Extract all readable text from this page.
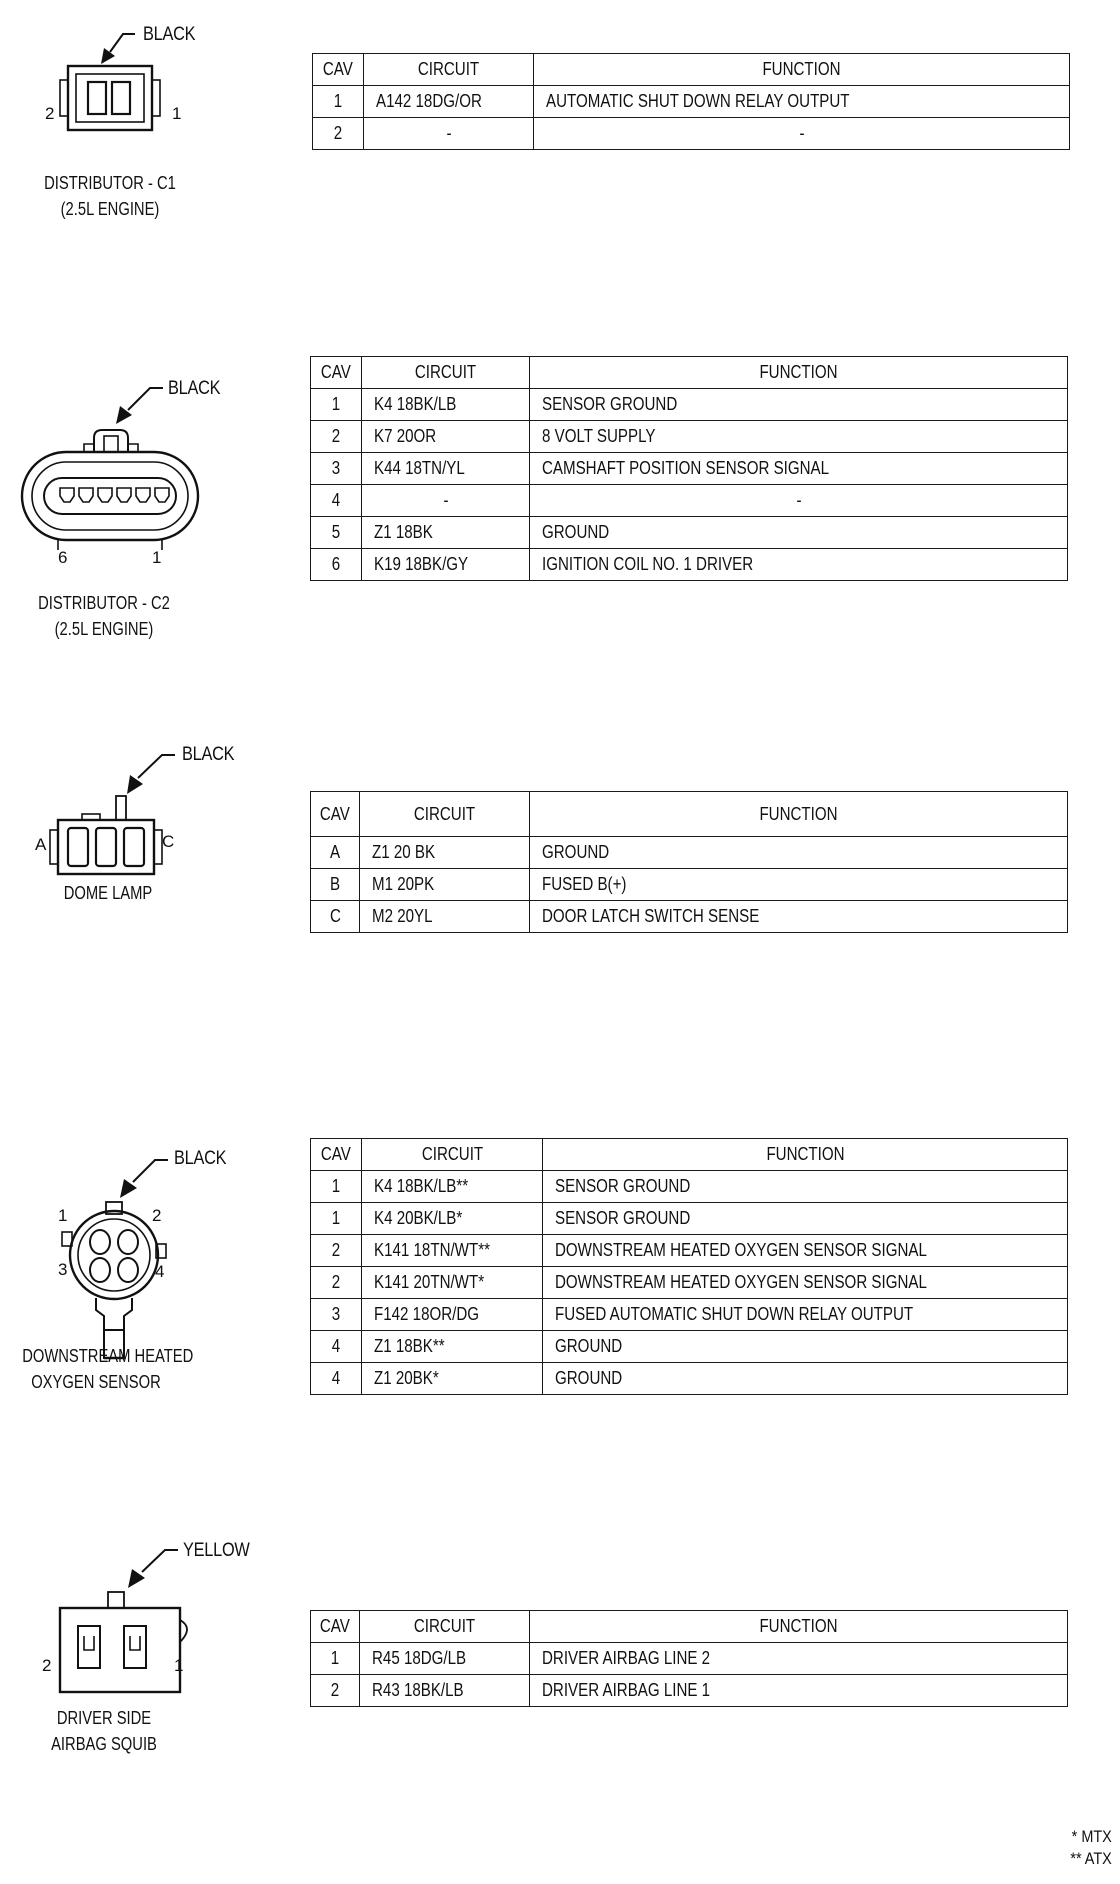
BLACK
2	1
DISTRIBUTOR - C1
(2.5L ENGINE)
CAV	CIRCUIT	FUNCTION
1	A142 18DG/OR	AUTOMATIC SHUT DOWN RELAY OUTPUT
2	-	-
BLACK
6	1
DISTRIBUTOR - C2
(2.5L ENGINE)
CAV	CIRCUIT	FUNCTION
1	K4 18BK/LB	SENSOR GROUND
2	K7 20OR	8 VOLT SUPPLY
3	K44 18TN/YL	CAMSHAFT POSITION SENSOR SIGNAL
4	-	-
5	Z1 18BK	GROUND
6	K19 18BK/GY	IGNITION COIL NO. 1 DRIVER
BLACK
A	C
DOME LAMP
CAV	CIRCUIT	FUNCTION
A	Z1 20 BK	GROUND
B	M1 20PK	FUSED B(+)
C	M2 20YL	DOOR LATCH SWITCH SENSE
BLACK
1	2
3	4
DOWNSTREAM HEATED
OXYGEN SENSOR
CAV	CIRCUIT	FUNCTION
1	K4 18BK/LB**	SENSOR GROUND
1	K4 20BK/LB*	SENSOR GROUND
2	K141 18TN/WT**	DOWNSTREAM HEATED OXYGEN SENSOR SIGNAL
2	K141 20TN/WT*	DOWNSTREAM HEATED OXYGEN SENSOR SIGNAL
3	F142 18OR/DG	FUSED AUTOMATIC SHUT DOWN RELAY OUTPUT
4	Z1 18BK**	GROUND
4	Z1 20BK*	GROUND
YELLOW
2	1
DRIVER SIDE
AIRBAG SQUIB
CAV	CIRCUIT	FUNCTION
1	R45 18DG/LB	DRIVER AIRBAG LINE 2
2	R43 18BK/LB	DRIVER AIRBAG LINE 1
* MTX
** ATX
